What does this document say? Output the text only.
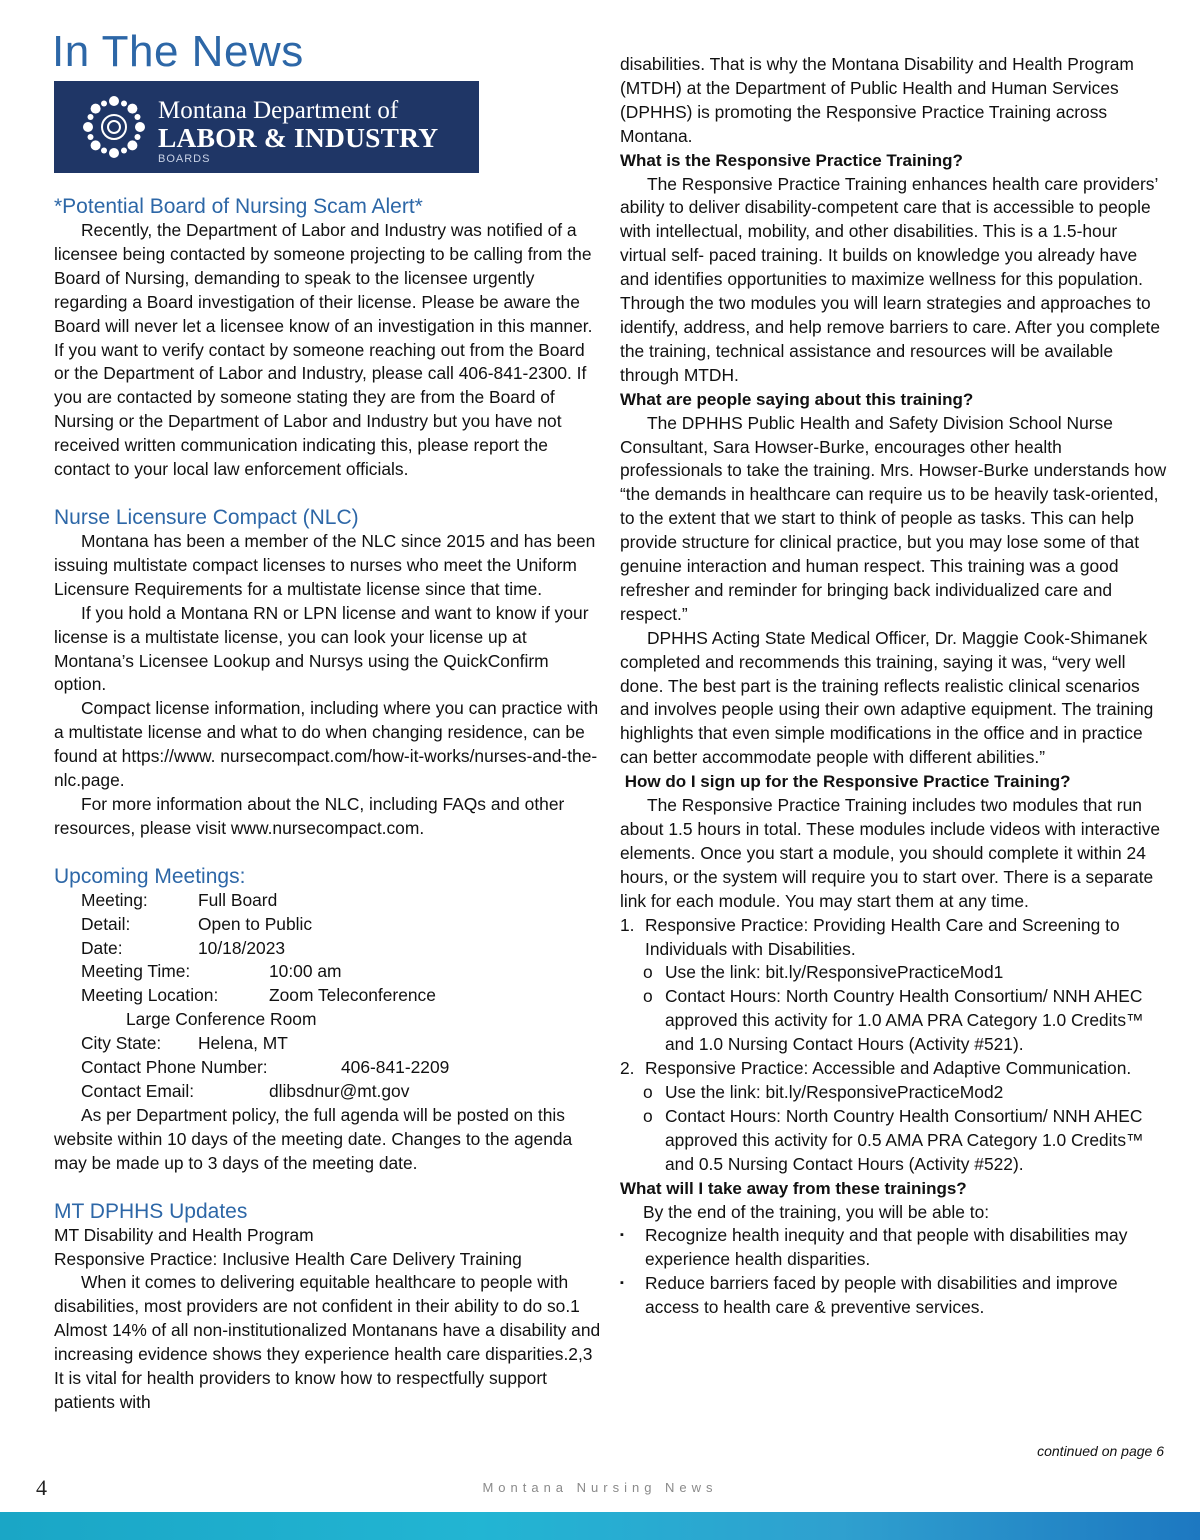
In The News
Montana Department of
LABOR & INDUSTRY
BOARDS
*Potential Board of Nursing Scam Alert*

Recently, the Department of Labor and Industry was notified of a licensee being contacted by someone projecting to be calling from the Board of Nursing, demanding to speak to the licensee urgently regarding a Board investigation of their license. Please be aware the Board will never let a licensee know of an investigation in this manner. If you want to verify contact by someone reaching out from the Board or the Department of Labor and Industry, please call 406-841-2300. If you are contacted by someone stating they are from the Board of Nursing or the Department of Labor and Industry but you have not received written communication indicating this, please report the contact to your local law enforcement officials.

Nurse Licensure Compact (NLC)

Montana has been a member of the NLC since 2015 and has been issuing multistate compact licenses to nurses who meet the Uniform Licensure Requirements for a multistate license since that time.

If you hold a Montana RN or LPN license and want to know if your license is a multistate license, you can look your license up at Montana’s Licensee Lookup and Nursys using the QuickConfirm option.

Compact license information, including where you can practice with a multistate license and what to do when changing residence, can be found at https://www. nursecompact.com/how-it-works/nurses-and-the-nlc.page.

For more information about the NLC, including FAQs and other resources, please visit www.nursecompact.com.

Upcoming Meetings:
Meeting:	Full Board
Detail:	Open to Public
Date:	10/18/2023
Meeting Time:	10:00 am
Meeting Location:	Zoom Teleconference
Large Conference Room
City State:	Helena, MT
Contact Phone Number:	406-841-2209
Contact Email:	dlibsdnur@mt.gov

As per Department policy, the full agenda will be posted on this website within 10 days of the meeting date. Changes to the agenda may be made up to 3 days of the meeting date.

MT DPHHS Updates

MT Disability and Health Program

Responsive Practice: Inclusive Health Care Delivery Training

When it comes to delivering equitable healthcare to people with disabilities, most providers are not confident in their ability to do so.1 Almost 14% of all non-institutionalized Montanans have a disability and increasing evidence shows they experience health care disparities.2,3 It is vital for health providers to know how to respectfully support patients with

disabilities. That is why the Montana Disability and Health Program (MTDH) at the Department of Public Health and Human Services (DPHHS) is promoting the Responsive Practice Training across Montana.

What is the Responsive Practice Training?

The Responsive Practice Training enhances health care providers’ ability to deliver disability-competent care that is accessible to people with intellectual, mobility, and other disabilities. This is a 1.5-hour virtual self- paced training. It builds on knowledge you already have and identifies opportunities to maximize wellness for this population. Through the two modules you will learn strategies and approaches to identify, address, and help remove barriers to care. After you complete the training, technical assistance and resources will be available through MTDH.

What are people saying about this training?

The DPHHS Public Health and Safety Division School Nurse Consultant, Sara Howser-Burke, encourages other health professionals to take the training. Mrs. Howser-Burke understands how “the demands in healthcare can require us to be heavily task-oriented, to the extent that we start to think of people as tasks. This can help provide structure for clinical practice, but you may lose some of that genuine interaction and human respect. This training was a good refresher and reminder for bringing back individualized care and respect.”

DPHHS Acting State Medical Officer, Dr. Maggie Cook-Shimanek completed and recommends this training, saying it was, “very well done. The best part is the training reflects realistic clinical scenarios and involves people using their own adaptive equipment. The training highlights that even simple modifications in the office and in practice can better accommodate people with different abilities.”

How do I sign up for the Responsive Practice Training?

The Responsive Practice Training includes two modules that run about 1.5 hours in total. These modules include videos with interactive elements. Once you start a module, you should complete it within 24 hours, or the system will require you to start over. There is a separate link for each module. You may start them at any time.

1. Responsive Practice: Providing Health Care and Screening to Individuals with Disabilities.
o Use the link: bit.ly/ResponsivePracticeMod1
o Contact Hours: North Country Health Consortium/ NNH AHEC approved this activity for 1.0 AMA PRA Category 1.0 Credits™ and 1.0 Nursing Contact Hours (Activity #521).
2. Responsive Practice: Accessible and Adaptive Communication.
o Use the link: bit.ly/ResponsivePracticeMod2
o Contact Hours: North Country Health Consortium/ NNH AHEC approved this activity for 0.5 AMA PRA Category 1.0 Credits™ and 0.5 Nursing Contact Hours (Activity #522).

What will I take away from these trainings?

By the end of the training, you will be able to:

▪	Recognize health inequity and that people with disabilities may experience health disparities.
▪	Reduce barriers faced by people with disabilities and improve access to health care & preventive services.
continued on page 6
4	Montana Nursing News
